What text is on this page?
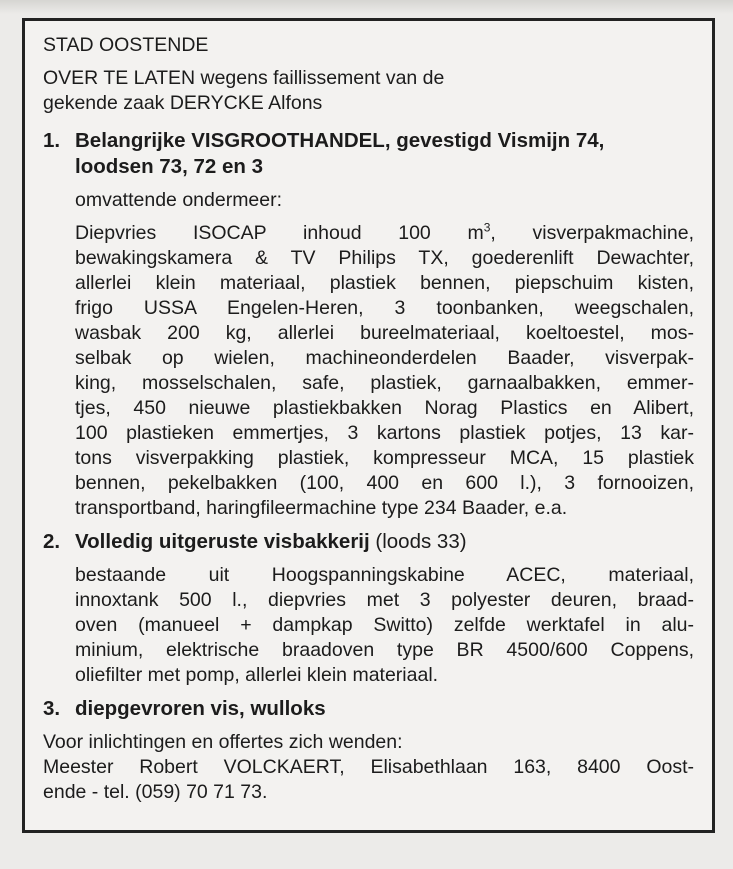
STAD OOSTENDE
OVER TE LATEN wegens faillissement van de
gekende zaak DERYCKE Alfons
1. Belangrijke VISGROOTHANDEL, gevestigd Vismijn 74,
loodsen 73, 72 en 3
omvattende ondermeer:
Diepvries ISOCAP inhoud 100 $m^3$, visverpakmachine,
bewakingskamera & TV Philips TX, goederenlift Dewachter,
allerlei klein materiaal, plastiek bennen, piepschuim kisten,
frigo USSA Engelen-Heren, 3 toonbanken, weegschalen,
wasbak 200 kg, allerlei bureelmateriaal, koeltoestel, mos-
selbak op wielen, machineonderdelen Baader, visverpak-
king, mosselschalen, safe, plastiek, garnaalbakken, emmer-
tjes, 450 nieuwe plastiekbakken Norag Plastics en Alibert,
100 plastieken emmertjes, 3 kartons plastiek potjes, 13 kar-
tons visverpakking plastiek, kompresseur MCA, 15 plastiek
bennen, pekelbakken (100, 400 en 600 l.), 3 fornooizen,
transportband, haringfileermachine type 234 Baader, e.a.
2. Volledig uitgeruste visbakkerij (loods 33)
bestaande uit Hoogspanningskabine ACEC, materiaal,
innoxtank 500 l., diepvries met 3 polyester deuren, braad-
oven (manueel + dampkap Switto) zelfde werktafel in alu-
minium, elektrische braadoven type BR 4500/600 Coppens,
oliefilter met pomp, allerlei klein materiaal.
3. diepgevroren vis, wulloks
Voor inlichtingen en offertes zich wenden:
Meester Robert VOLCKAERT, Elisabethlaan 163, 8400 Oost-
ende - tel. (059) 70 71 73.
